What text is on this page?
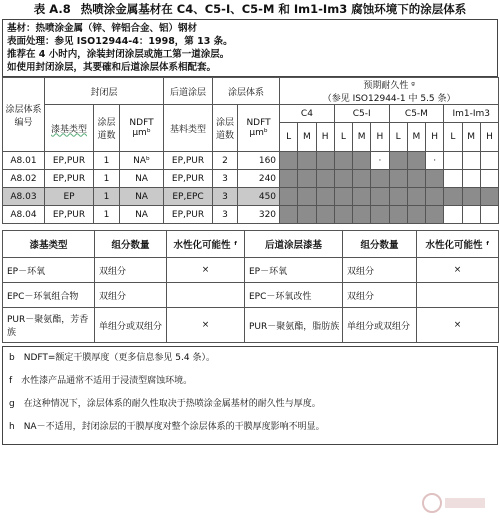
表 A.8 热喷涂金属基材在 C4、C5-I、C5-M 和 Im1-Im3 腐蚀环境下的涂层体系
基材：热喷涂金属（锌、锌铝合金、铝）钢材
表面处理：参见 ISO12944-4：1998，第 13 条。
推荐在 4 小时内，涂装封闭涂层或施工第一道涂层。
如使用封闭涂层，其要確和后道涂层体系相配套。
涂层体系编号	封闭层			后道涂层	涂层体系		预期耐久性 ᵍ
（参见 ISO12944-1 中 5.5 条）											

	漆基类型	涂层道数	NDFT μmᵇ	基料类型	涂层道数	NDFT μmᵇ	C4			C5-I			C5-M			Im1-Im3		
							L	M	H	L	M	H	L	M	H	L	M	H
A8.01	EP,PUR	1	NAᵇ	EP,PUR	2	160						·			·			
A8.02	EP,PUR	1	NA	EP,PUR	3	240												
A8.03	EP	1	NA	EP,EPC	3	450												
A8.04	EP,PUR	1	NA	EP,PUR	3	320												
漆基类型	组分数量	水性化可能性 ᶠ	后道涂层漆基	组分数量	水性化可能性 ᶠ
EP－环氧	双组分	×	EP－环氧	双组分	×
EPC－环氧组合物	双组分		EPC－环氧改性	双组分	
PUR－聚氨酯，芳香族	单组分或双组分	×	PUR－聚氨酯，脂肪族	单组分或双组分	×
b　NDFT=额定干膜厚度（更多信息参见 5.4 条）。
f　水性漆产品通常不适用于浸渍型腐蚀环境。
g　在这种情况下，涂层体系的耐久性取决于热喷涂金属基材的耐久性与厚度。
h　NA－不适用，封闭涂层的干膜厚度对整个涂层体系的干膜厚度影响不明显。
